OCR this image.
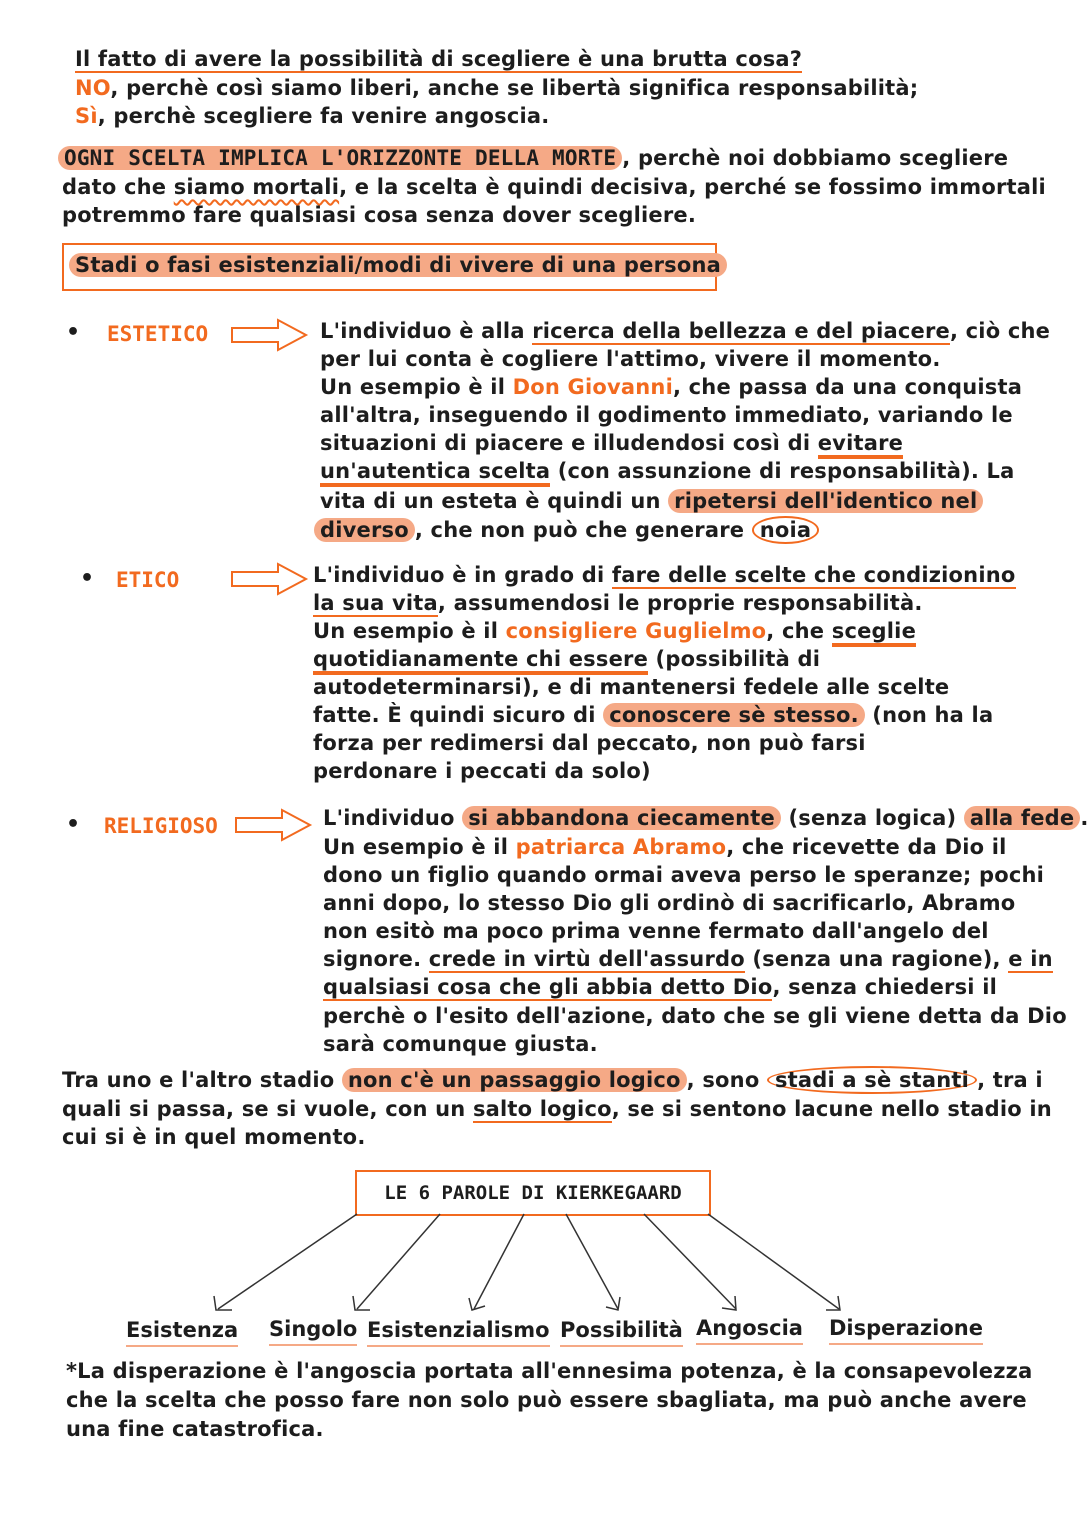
Il fatto di avere la possibilità di scegliere è una brutta cosa?
NO, perchè così siamo liberi, anche se libertà significa responsabilità;
Sì, perchè scegliere fa venire angoscia.
OGNI SCELTA IMPLICA L'ORIZZONTE DELLA MORTE , perchè noi dobbiamo scegliere
dato che siamo mortali, e la scelta è quindi decisiva, perché se fossimo immortali
potremmo fare qualsiasi cosa senza dover scegliere.
Stadi o fasi esistenziali/modi di vivere di una persona
• ESTETICO	L'individuo è alla ricerca della bellezza e del piacere, ciò che
per lui conta è cogliere l'attimo, vivere il momento.
Un esempio è il Don Giovanni, che passa da una conquista
all'altra, inseguendo il godimento immediato, variando le
situazioni di piacere e illudendosi così di evitare
un'autentica scelta (con assunzione di responsabilità). La
vita di un esteta è quindi un ripetersi dell'identico nel
diverso , che non può che generare noia
• ETICO	L'individuo è in grado di fare delle scelte che condizionino
la sua vita, assumendosi le proprie responsabilità.
Un esempio è il consigliere Guglielmo, che sceglie
quotidianamente chi essere (possibilità di
autodeterminarsi), e di mantenersi fedele alle scelte
fatte. È quindi sicuro di conoscere sè stesso. (non ha la
forza per redimersi dal peccato, non può farsi
perdonare i peccati da solo)
• RELIGIOSO	L'individuo si abbandona ciecamente (senza logica) alla fede .
Un esempio è il patriarca Abramo, che ricevette da Dio il
dono un figlio quando ormai aveva perso le speranze; pochi
anni dopo, lo stesso Dio gli ordinò di sacrificarlo, Abramo
non esitò ma poco prima venne fermato dall'angelo del
signore. crede in virtù dell'assurdo (senza una ragione), e in
qualsiasi cosa che gli abbia detto Dio, senza chiedersi il
perchè o l'esito dell'azione, dato che se gli viene detta da Dio
sarà comunque giusta.
Tra uno e l'altro stadio non c'è un passaggio logico , sono stadi a sè stanti , tra i
quali si passa, se si vuole, con un salto logico, se si sentono lacune nello stadio in
cui si è in quel momento.
LE 6 PAROLE DI KIERKEGAARD
Esistenza Singolo Esistenzialismo Possibilità Angoscia Disperazione
*La disperazione è l'angoscia portata all'ennesima potenza, è la consapevolezza
che la scelta che posso fare non solo può essere sbagliata, ma può anche avere
una fine catastrofica.
